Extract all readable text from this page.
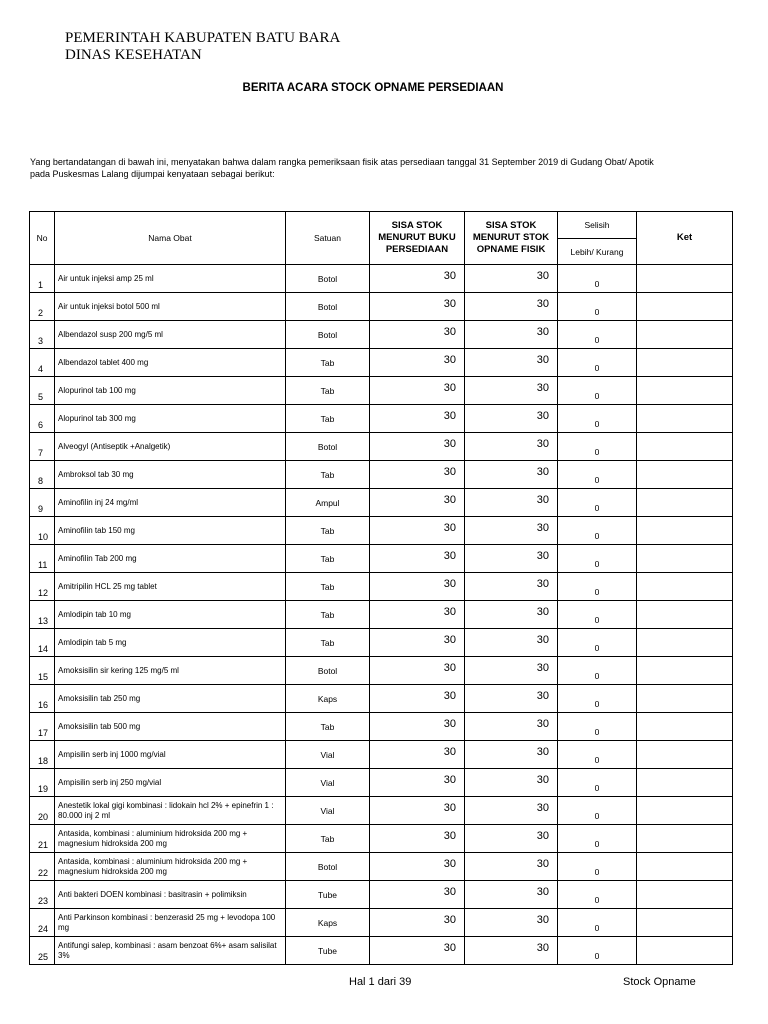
PEMERINTAH KABUPATEN BATU BARA
DINAS KESEHATAN
BERITA ACARA STOCK OPNAME PERSEDIAAN
Yang bertandatangan di bawah ini, menyatakan bahwa dalam rangka pemeriksaan fisik atas persediaan tanggal 31 September 2019 di Gudang Obat/ Apotik
pada Puskesmas Lalang dijumpai kenyataan sebagai berikut:
No	Nama Obat	Satuan	SISA STOK MENURUT BUKU PERSEDIAAN	SISA STOK MENURUT STOK OPNAME FISIK	Selisih	Ket
					Lebih/ Kurang	
1	Air untuk injeksi amp 25 ml	Botol	30	30	0	
2	Air untuk injeksi botol 500 ml	Botol	30	30	0	
3	Albendazol susp 200 mg/5 ml	Botol	30	30	0	
4	Albendazol tablet 400 mg	Tab	30	30	0	
5	Alopurinol tab 100 mg	Tab	30	30	0	
6	Alopurinol tab 300 mg	Tab	30	30	0	
7	Alveogyl (Antiseptik +Analgetik)	Botol	30	30	0	
8	Ambroksol tab 30 mg	Tab	30	30	0	
9	Aminofilin inj 24 mg/ml	Ampul	30	30	0	
10	Aminofilin tab 150 mg	Tab	30	30	0	
11	Aminofilin Tab 200 mg	Tab	30	30	0	
12	Amitripilin HCL 25 mg tablet	Tab	30	30	0	
13	Amlodipin tab 10 mg	Tab	30	30	0	
14	Amlodipin tab 5 mg	Tab	30	30	0	
15	Amoksisilin sir kering 125 mg/5 ml	Botol	30	30	0	
16	Amoksisilin tab 250 mg	Kaps	30	30	0	
17	Amoksisilin tab 500 mg	Tab	30	30	0	
18	Ampisilin serb inj 1000 mg/vial	Vial	30	30	0	
19	Ampisilin serb inj 250 mg/vial	Vial	30	30	0	
20	Anestetik lokal gigi kombinasi : lidokain hcl 2% + epinefrin 1 : 80.000 inj 2 ml	Vial	30	30	0	
21	Antasida, kombinasi : aluminium hidroksida 200 mg + magnesium hidroksida 200 mg	Tab	30	30	0	
22	Antasida, kombinasi : aluminium hidroksida 200 mg + magnesium hidroksida 200 mg	Botol	30	30	0	
23	Anti bakteri DOEN kombinasi : basitrasin + polimiksin	Tube	30	30	0	
24	Anti Parkinson kombinasi : benzerasid 25 mg + levodopa 100 mg	Kaps	30	30	0	
25	Antifungi salep, kombinasi : asam benzoat 6%+ asam salisilat 3%	Tube	30	30	0	
Hal 1 dari 39	Stock Opname
